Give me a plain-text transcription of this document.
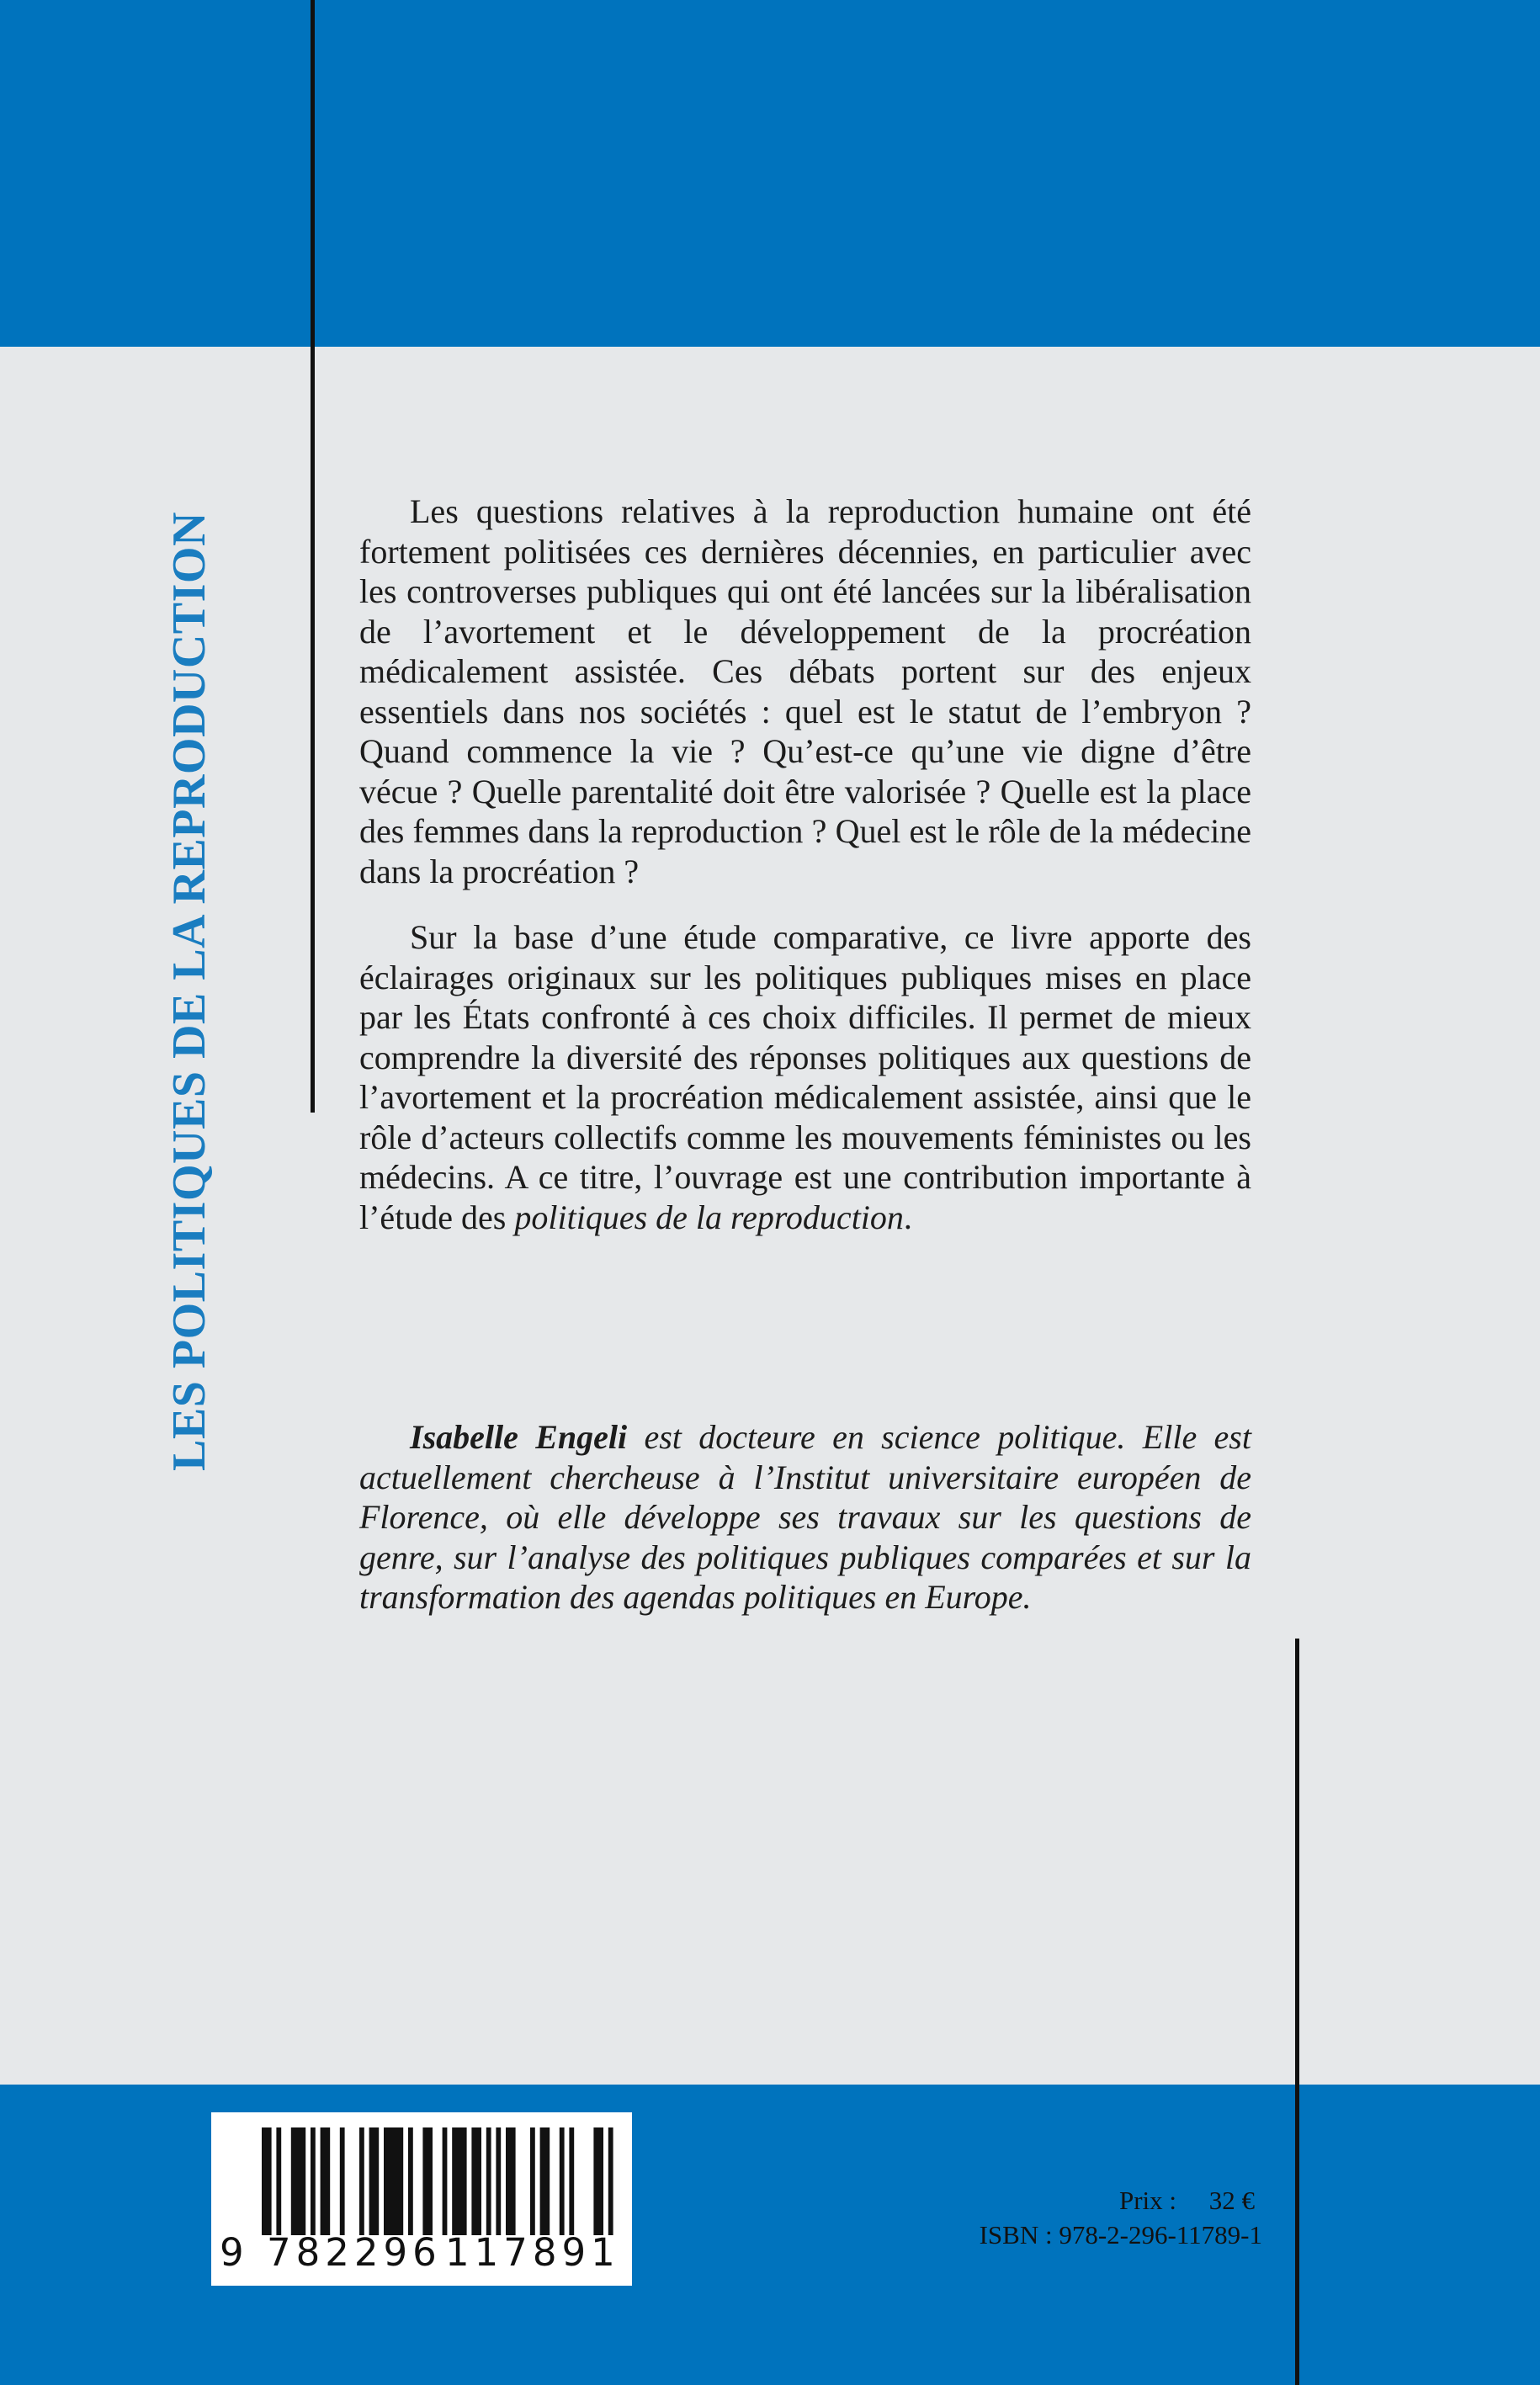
LES POLITIQUES DE LA REPRODUCTION

Les questions relatives à la reproduction humaine ont été fortement politisées ces dernières décennies, en particulier avec les controverses publiques qui ont été lancées sur la libéralisation de l’avortement et le développement de la procréation médicalement assistée. Ces débats portent sur des enjeux essentiels dans nos sociétés : quel est le statut de l’embryon ? Quand commence la vie ? Qu’est-ce qu’une vie digne d’être vécue ? Quelle parentalité doit être valorisée ? Quelle est la place des femmes dans la reproduction ? Quel est le rôle de la médecine dans la procréation ?

Sur la base d’une étude comparative, ce livre apporte des éclairages originaux sur les politiques publiques mises en place par les États confronté à ces choix difficiles. Il permet de mieux comprendre la diversité des réponses politiques aux questions de l’avortement et la procréation médicalement assistée, ainsi que le rôle d’acteurs collectifs comme les mouvements féministes ou les médecins. A ce titre, l’ouvrage est une contribution importante à l’étude des politiques de la reproduction.

Isabelle Engeli est docteure en science politique. Elle est actuellement chercheuse à l’Institut universitaire européen de Florence, où elle développe ses travaux sur les questions de genre, sur l’analyse des politiques publiques comparées et sur la transformation des agendas politiques en Europe.

9 782296 117891
Prix : 32 €
ISBN : 978-2-296-11789-1
